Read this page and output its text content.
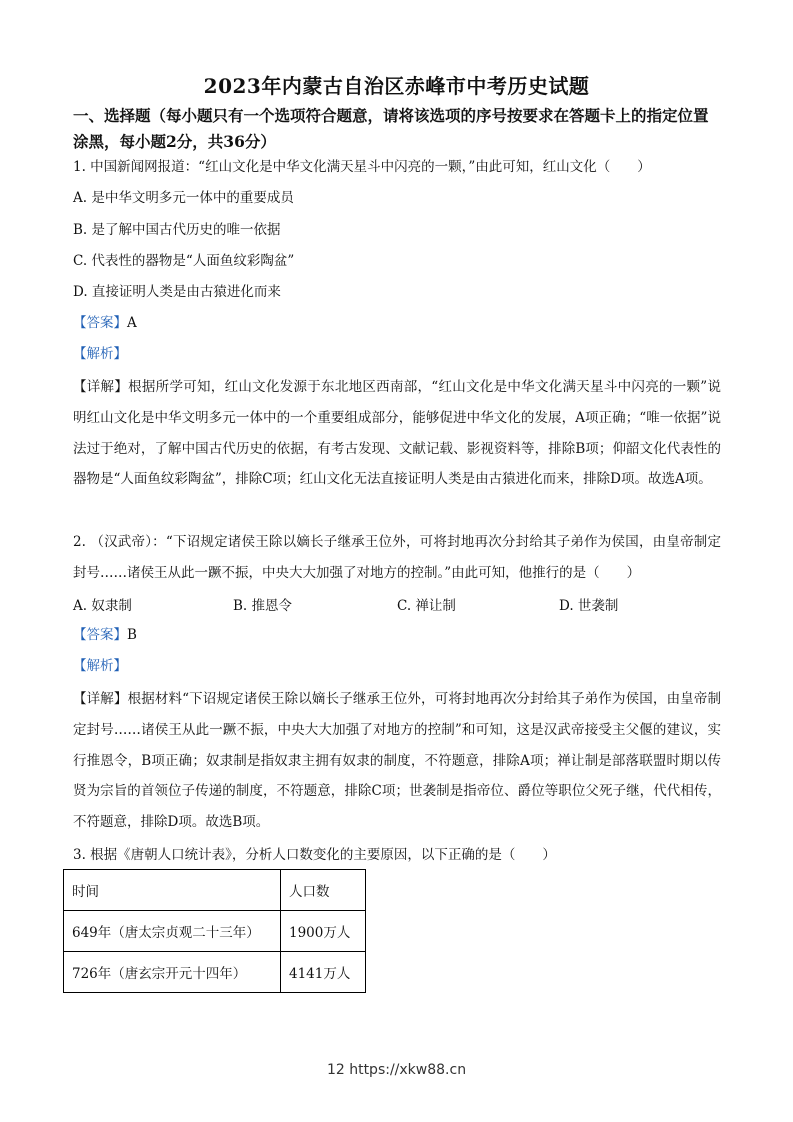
2023年内蒙古自治区赤峰市中考历史试题
一、选择题（每小题只有一个选项符合题意，请将该选项的序号按要求在答题卡上的指定位置涂黑，每小题2分，共36分）
1. 中国新闻网报道：“红山文化是中华文化满天星斗中闪亮的一颗，”由此可知，红山文化（　　）
A. 是中华文明多元一体中的重要成员
B. 是了解中国古代历史的唯一依据
C. 代表性的器物是“人面鱼纹彩陶盆”
D. 直接证明人类是由古猿进化而来
【答案】A
【解析】
【详解】根据所学可知，红山文化发源于东北地区西南部，“红山文化是中华文化满天星斗中闪亮的一颗”说明红山文化是中华文明多元一体中的一个重要组成部分，能够促进中华文化的发展，A项正确；“唯一依据”说法过于绝对，了解中国古代历史的依据，有考古发现、文献记载、影视资料等，排除B项；仰韶文化代表性的器物是“人面鱼纹彩陶盆”，排除C项；红山文化无法直接证明人类是由古猿进化而来，排除D项。故选A项。
2. （汉武帝）：“下诏规定诸侯王除以嫡长子继承王位外，可将封地再次分封给其子弟作为侯国，由皇帝制定封号……诸侯王从此一蹶不振，中央大大加强了对地方的控制。”由此可知，他推行的是（　　）
A. 奴隶制	B. 推恩令	C. 禅让制	D. 世袭制
【答案】B
【解析】
【详解】根据材料“下诏规定诸侯王除以嫡长子继承王位外，可将封地再次分封给其子弟作为侯国，由皇帝制定封号……诸侯王从此一蹶不振，中央大大加强了对地方的控制”和可知，这是汉武帝接受主父偃的建议，实行推恩令，B项正确；奴隶制是指奴隶主拥有奴隶的制度，不符题意，排除A项；禅让制是部落联盟时期以传贤为宗旨的首领位子传递的制度，不符题意，排除C项；世袭制是指帝位、爵位等职位父死子继，代代相传，不符题意，排除D项。故选B项。
3. 根据《唐朝人口统计表》，分析人口数变化的主要原因，以下正确的是（　　）
时间	人口数
649年（唐太宗贞观二十三年）	1900万人
726年（唐玄宗开元十四年）	4141万人
12 https://xkw88.cn
